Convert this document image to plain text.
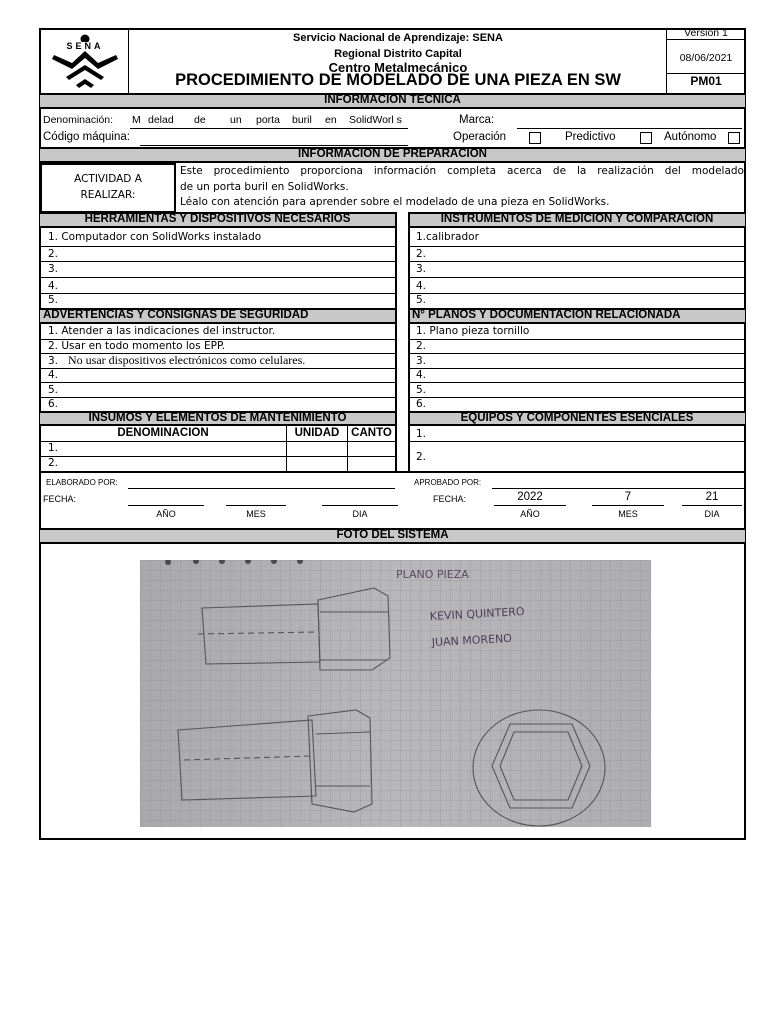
SENA
Servicio Nacional de Aprendizaje: SENA
Regional Distrito Capital
Centro Metalmecánico
PROCEDIMIENTO DE MODELADO DE UNA PIEZA EN SW
Version 1
08/06/2021
PM01
INFORMACION TECNICA
Denominación: M delad de un porta buril en SolidWorl s	Marca:
Código máquina:	Operación	Predictivo	Autónomo
INFORMACION DE PREPARACION
ACTIVIDAD A
REALIZAR:
Este procedimiento proporciona información completa acerca de la realización del modelado
de un porta buril en SolidWorks.
Léalo con atención para aprender sobre el modelado de una pieza en SolidWorks.
HERRAMIENTAS Y DISPOSITIVOS NECESARIOS	INSTRUMENTOS DE MEDICION Y COMPARACION
1. Computador con SolidWorks instalado
2.
3.
4.
5.
1.calibrador
2.
3.
4.
5.
ADVERTENCIAS Y CONSIGNAS DE SEGURIDAD	N° PLANOS Y DOCUMENTACION RELACIONADA
1. Atender a las indicaciones del instructor.
2. Usar en todo momento los EPP.
3. No usar dispositivos electrónicos como celulares.
4.
5.
6.
1. Plano pieza tornillo
2.
3.
4.
5.
6.
INSUMOS Y ELEMENTOS DE MANTENIMIENTO	EQUIPOS Y COMPONENTES ESENCIALES
DENOMINACION	UNIDAD	CANTO
1.
2.
1.
2.
ELABORADO POR:	APROBADO POR:
FECHA:
AÑO	MES	DIA
FECHA:	2022	7	21
AÑO	MES	DIA
FOTO DEL SISTEMA
PLANO PIEZA
KEVIN QUINTERO
JUAN MORENO
